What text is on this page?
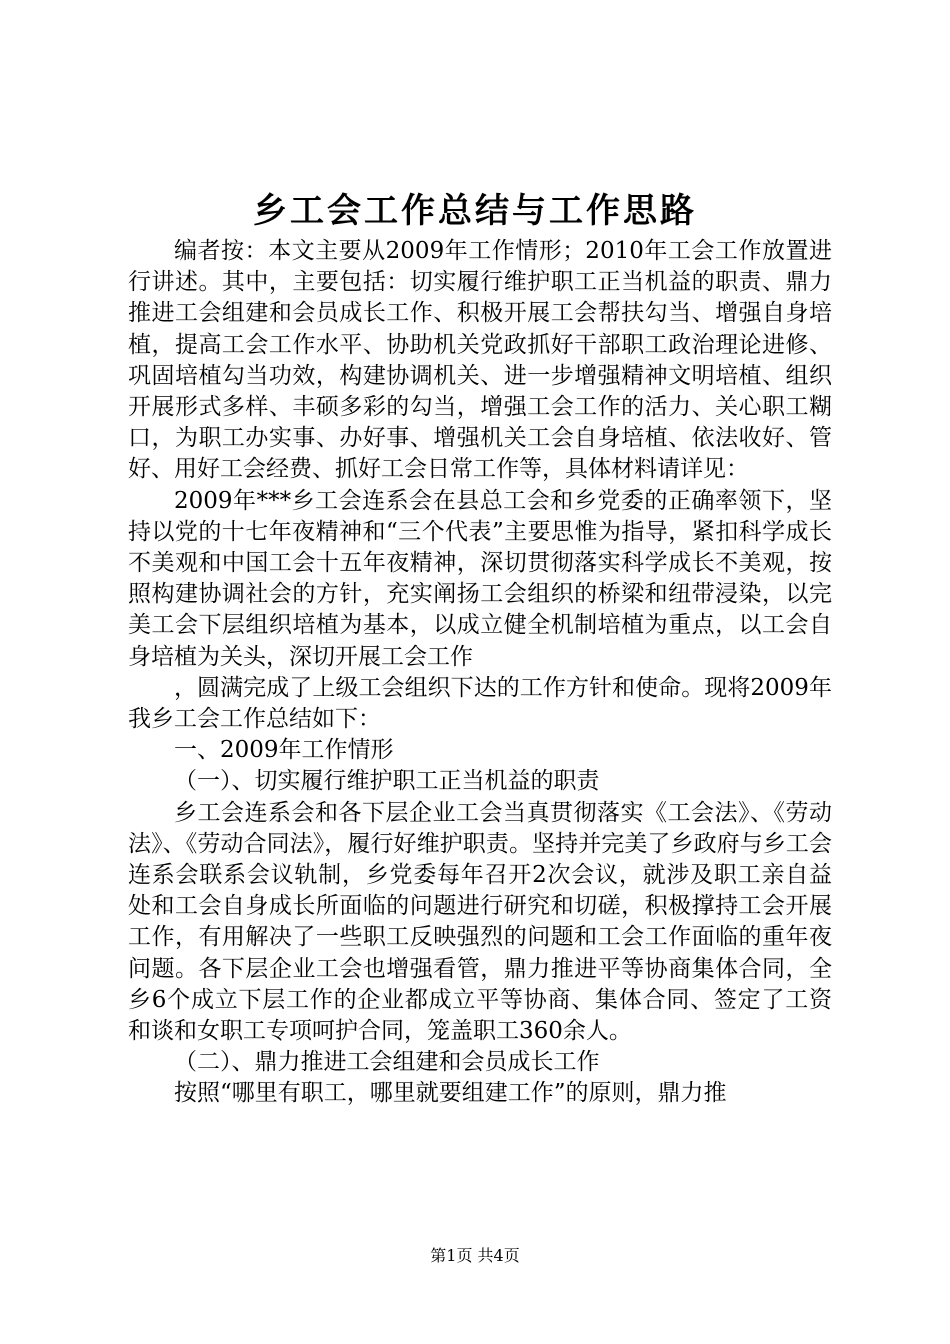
乡工会工作总结与工作思路

编者按：本文主要从2009年工作情形；2010年工会工作放置进行讲述。其中，主要包括：切实履行维护职工正当机益的职责、鼎力推进工会组建和会员成长工作、积极开展工会帮扶勾当、增强自身培植，提高工会工作水平、协助机关党政抓好干部职工政治理论进修、巩固培植勾当功效，构建协调机关、进一步增强精神文明培植、组织开展形式多样、丰硕多彩的勾当，增强工会工作的活力、关心职工糊口，为职工办实事、办好事、增强机关工会自身培植、依法收好、管好、用好工会经费、抓好工会日常工作等，具体材料请详见：

2009年***乡工会连系会在县总工会和乡党委的正确率领下，坚持以党的十七年夜精神和“三个代表”主要思惟为指导，紧扣科学成长不美观和中国工会十五年夜精神，深切贯彻落实科学成长不美观，按照构建协调社会的方针，充实阐扬工会组织的桥梁和纽带浸染，以完美工会下层组织培植为基本，以成立健全机制培植为重点，以工会自身培植为关头，深切开展工会工作

，圆满完成了上级工会组织下达的工作方针和使命。现将2009年我乡工会工作总结如下：

一、2009年工作情形

（一）、切实履行维护职工正当机益的职责

乡工会连系会和各下层企业工会当真贯彻落实《工会法》、《劳动法》、《劳动合同法》，履行好维护职责。坚持并完美了乡政府与乡工会连系会联系会议轨制，乡党委每年召开2次会议，就涉及职工亲自益处和工会自身成长所面临的问题进行研究和切磋，积极撑持工会开展工作，有用解决了一些职工反映强烈的问题和工会工作面临的重年夜问题。各下层企业工会也增强看管，鼎力推进平等协商集体合同，全乡6个成立下层工作的企业都成立平等协商、集体合同、签定了工资和谈和女职工专项呵护合同，笼盖职工360余人。

（二）、鼎力推进工会组建和会员成长工作

按照“哪里有职工，哪里就要组建工作”的原则，鼎力推

第1页 共4页
